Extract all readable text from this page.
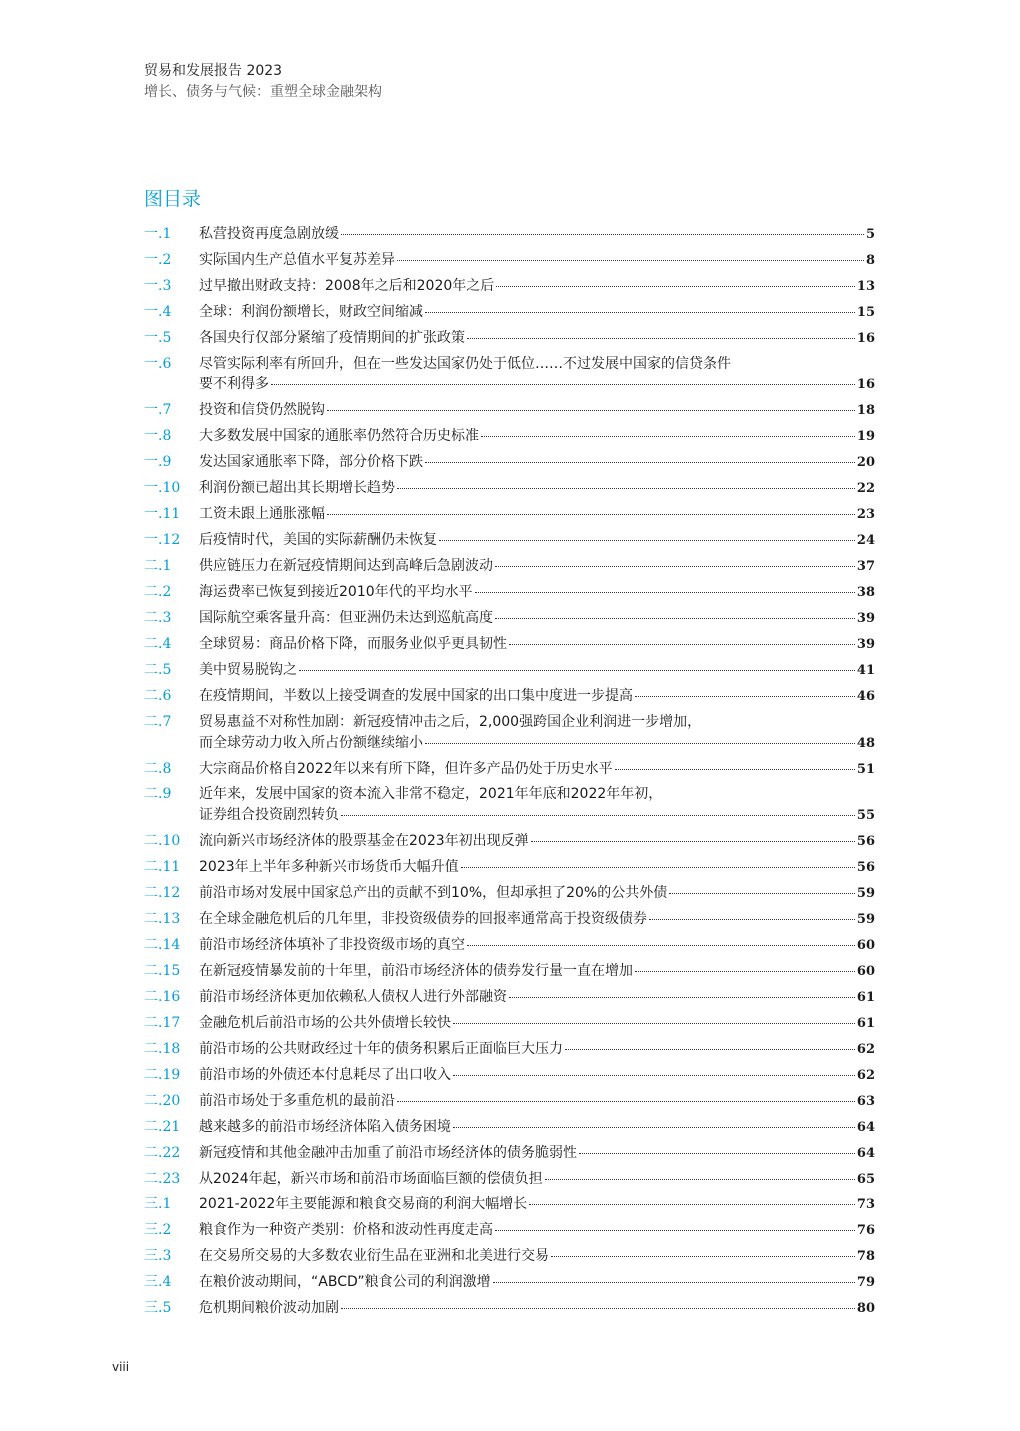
贸易和发展报告 2023
增长、债务与气候：重塑全球金融架构
图目录
一.1	私营投资再度急剧放缓	5
一.2	实际国内生产总值水平复苏差异	8
一.3	过早撤出财政支持：2008年之后和2020年之后	13
一.4	全球：利润份额增长，财政空间缩减	15
一.5	各国央行仅部分紧缩了疫情期间的扩张政策	16
一.6	尽管实际利率有所回升，但在一些发达国家仍处于低位……不过发展中国家的信贷条件
要不利得多	16
一.7	投资和信贷仍然脱钩	18
一.8	大多数发展中国家的通胀率仍然符合历史标准	19
一.9	发达国家通胀率下降，部分价格下跌	20
一.10	利润份额已超出其长期增长趋势	22
一.11	工资未跟上通胀涨幅	23
一.12	后疫情时代，美国的实际薪酬仍未恢复	24
二.1	供应链压力在新冠疫情期间达到高峰后急剧波动	37
二.2	海运费率已恢复到接近2010年代的平均水平	38
二.3	国际航空乘客量升高：但亚洲仍未达到巡航高度	39
二.4	全球贸易：商品价格下降，而服务业似乎更具韧性	39
二.5	美中贸易脱钩之	41
二.6	在疫情期间，半数以上接受调查的发展中国家的出口集中度进一步提高	46
二.7	贸易惠益不对称性加剧：新冠疫情冲击之后，2,000强跨国企业利润进一步增加，
而全球劳动力收入所占份额继续缩小	48
二.8	大宗商品价格自2022年以来有所下降，但许多产品仍处于历史水平	51
二.9	近年来，发展中国家的资本流入非常不稳定，2021年年底和2022年年初，
证券组合投资剧烈转负	55
二.10	流向新兴市场经济体的股票基金在2023年初出现反弹	56
二.11	2023年上半年多种新兴市场货币大幅升值	56
二.12	前沿市场对发展中国家总产出的贡献不到10%，但却承担了20%的公共外债	59
二.13	在全球金融危机后的几年里，非投资级债券的回报率通常高于投资级债券	59
二.14	前沿市场经济体填补了非投资级市场的真空	60
二.15	在新冠疫情暴发前的十年里，前沿市场经济体的债券发行量一直在增加	60
二.16	前沿市场经济体更加依赖私人债权人进行外部融资	61
二.17	金融危机后前沿市场的公共外债增长较快	61
二.18	前沿市场的公共财政经过十年的债务积累后正面临巨大压力	62
二.19	前沿市场的外债还本付息耗尽了出口收入	62
二.20	前沿市场处于多重危机的最前沿	63
二.21	越来越多的前沿市场经济体陷入债务困境	64
二.22	新冠疫情和其他金融冲击加重了前沿市场经济体的债务脆弱性	64
二.23	从2024年起，新兴市场和前沿市场面临巨额的偿债负担	65
三.1	2021-2022年主要能源和粮食交易商的利润大幅增长	73
三.2	粮食作为一种资产类别：价格和波动性再度走高	76
三.3	在交易所交易的大多数农业衍生品在亚洲和北美进行交易	78
三.4	在粮价波动期间，“ABCD”粮食公司的利润激增	79
三.5	危机期间粮价波动加剧	80
viii
